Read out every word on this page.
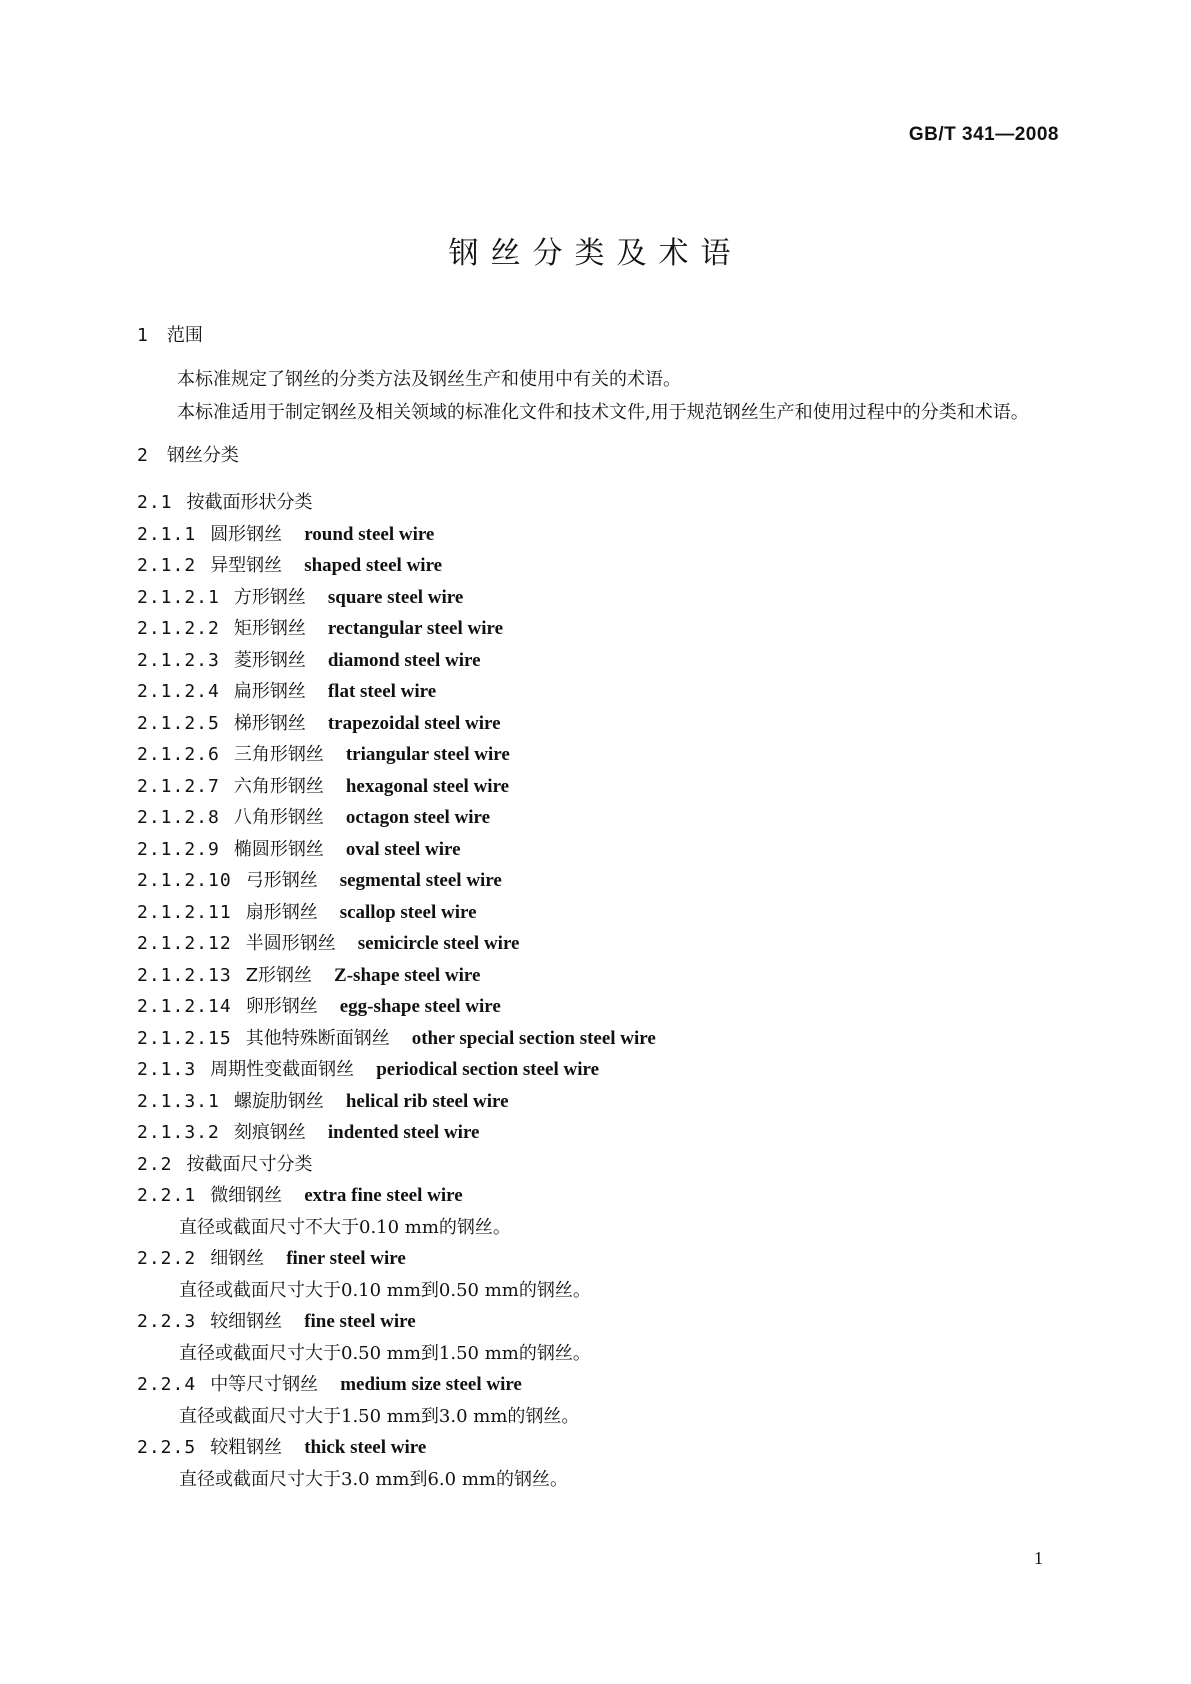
GB/T 341—2008
钢丝分类及术语
1 范围

本标准规定了钢丝的分类方法及钢丝生产和使用中有关的术语。

本标准适用于制定钢丝及相关领域的标准化文件和技术文件,用于规范钢丝生产和使用过程中的分类和术语。

2 钢丝分类
2.1 按截面形状分类
2.1.1 圆形钢丝 round steel wire
2.1.2 异型钢丝 shaped steel wire
2.1.2.1 方形钢丝 square steel wire
2.1.2.2 矩形钢丝 rectangular steel wire
2.1.2.3 菱形钢丝 diamond steel wire
2.1.2.4 扁形钢丝 flat steel wire
2.1.2.5 梯形钢丝 trapezoidal steel wire
2.1.2.6 三角形钢丝 triangular steel wire
2.1.2.7 六角形钢丝 hexagonal steel wire
2.1.2.8 八角形钢丝 octagon steel wire
2.1.2.9 椭圆形钢丝 oval steel wire
2.1.2.10 弓形钢丝 segmental steel wire
2.1.2.11 扇形钢丝 scallop steel wire
2.1.2.12 半圆形钢丝 semicircle steel wire
2.1.2.13 Z形钢丝 Z-shape steel wire
2.1.2.14 卵形钢丝 egg-shape steel wire
2.1.2.15 其他特殊断面钢丝 other special section steel wire
2.1.3 周期性变截面钢丝 periodical section steel wire
2.1.3.1 螺旋肋钢丝 helical rib steel wire
2.1.3.2 刻痕钢丝 indented steel wire
2.2 按截面尺寸分类
2.2.1 微细钢丝 extra fine steel wire
直径或截面尺寸不大于0.10 mm的钢丝。
2.2.2 细钢丝 finer steel wire
直径或截面尺寸大于0.10 mm到0.50 mm的钢丝。
2.2.3 较细钢丝 fine steel wire
直径或截面尺寸大于0.50 mm到1.50 mm的钢丝。
2.2.4 中等尺寸钢丝 medium size steel wire
直径或截面尺寸大于1.50 mm到3.0 mm的钢丝。
2.2.5 较粗钢丝 thick steel wire
直径或截面尺寸大于3.0 mm到6.0 mm的钢丝。
1
